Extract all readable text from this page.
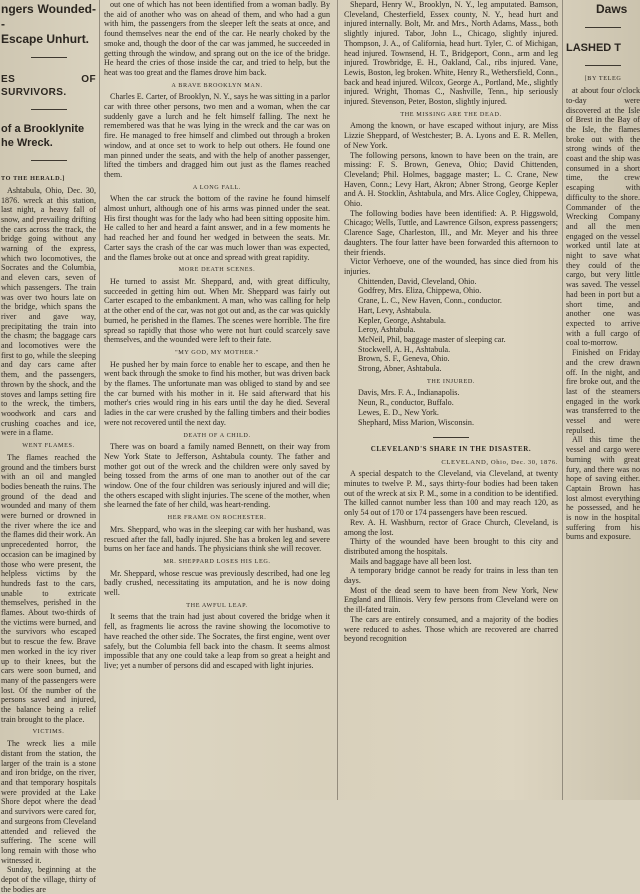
ngers Wounded--
Escape Unhurt.
ES OF SURVIVORS.
of a Brooklynite
he Wreck.
TO THE HERALD.]

Ashtabula, Ohio, Dec. 30, 1876. wreck at this station, last night, a heavy fall of snow, and prevailing drifting the cars across the track, the bridge going without any warning of the express, which two locomotives, the Socrates and the Columbia, and eleven cars, seven of which passengers. The train was over two hours late on the bridge, which spans the river and gave way, precipitating the train into the chasm; the baggage cars and locomotives were the first to go, while the sleeping and day cars came after them, and the passengers, thrown by the shock, and the stoves and lamps setting fire to the wreck, the timbers, woodwork and cars and crushing coaches and ice, were in a flame.

WENT FLAMES.

The flames reached the ground and the timbers burst with an oil and mangled bodies beneath the ruins. The ground of the dead and wounded and many of them were burned or drowned in the river where the ice and the flames did their work. An unprecedented horror, the occasion can be imagined by those who were present, the helpless victims by the hundreds fast to the cars, unable to extricate themselves, perished in the flames. About two-thirds of the victims were burned, and the survivors who escaped but to rescue the few. Brave men worked in the icy river up to their knees, but the cars were soon burned, and many of the passengers were lost. Of the number of the persons saved and injured, the balance being a relief train brought to the place.

VICTIMS.

The wreck lies a mile distant from the station, the larger of the train is a stone and iron bridge, on the river, and that temporary hospitals were provided at the Lake Shore depot where the dead and survivors were cared for, and surgeons from Cleveland attended and relieved the suffering. The scene will long remain with those who witnessed it.

Sunday, beginning at the depot of the village, thirty of the bodies are

out one of which has not been identified from a woman badly. By the aid of another who was on ahead of them, and who had a gun with him, the passengers from the sleeper left the seats at once, and found themselves near the end of the car. He nearly choked by the smoke and, though the door of the car was jammed, he succeeded in getting through the window, and sprang out on the ice of the bridge. He heard the cries of those inside the car, and tried to help, but the heat was too great and the flames drove him back.

A BRAVE BROOKLYN MAN.

Charles E. Carter, of Brooklyn, N. Y., says he was sitting in a parlor car with three other persons, two men and a woman, when the car suddenly gave a lurch and he felt himself falling. The next he remembered was that he was lying in the wreck and the car was on fire. He managed to free himself and climbed out through a broken window, and at once set to work to help out others. He found one man pinned under the seats, and with the help of another passenger, lifted the timbers and dragged him out just as the flames reached them.

A LONG FALL.

When the car struck the bottom of the ravine he found himself almost unhurt, although one of his arms was pinned under the seat. His first thought was for the lady who had been sitting opposite him. He called to her and heard a faint answer, and in a few moments he had reached her and found her wedged in between the seats. Mr. Carter says the crash of the car was much lower than was expected, and the flames broke out at once and spread with great rapidity.

MORE DEATH SCENES.

He turned to assist Mr. Sheppard, and, with great difficulty, succeeded in getting him out. When Mr. Sheppard was fairly out Carter escaped to the embankment. A man, who was calling for help at the other end of the car, was not got out and, as the car was quickly burned, he perished in the flames. The scenes were horrible. The fire spread so rapidly that those who were not hurt could scarcely save themselves, and the wounded were left to their fate.

"MY GOD, MY MOTHER."

He pushed her by main force to enable her to escape, and then he went back through the smoke to find his mother, but was driven back by the flames. The unfortunate man was obliged to stand by and see the car burned with his mother in it. He said afterward that his mother's cries would ring in his ears until the day he died. Several ladies in the car were crushed by the falling timbers and their bodies were not recovered until the next day.

DEATH OF A CHILD.

There was on board a family named Bennett, on their way from New York State to Jefferson, Ashtabula county. The father and mother got out of the wreck and the children were only saved by being tossed from the arms of one man to another out of the car window. One of the four children was seriously injured and will die; the others escaped with slight injuries. The scene of the mother, when she learned the fate of her child, was heart-rending.

HER FRAME ON ROCHESTER.

Mrs. Sheppard, who was in the sleeping car with her husband, was rescued after the fall, badly injured. She has a broken leg and severe burns on her face and hands. The physicians think she will recover.

MR. SHEPPARD LOSES HIS LEG.

Mr. Sheppard, whose rescue was previously described, had one leg badly crushed, necessitating its amputation, and he is now doing well.

THE AWFUL LEAP.

It seems that the train had just about covered the bridge when it fell, as fragments lie across the ravine showing the locomotive to have reached the other side. The Socrates, the first engine, went over safely, but the Columbia fell back into the chasm. It seems almost impossible that any one could take a leap from so great a height and live; yet a number of persons did and escaped with light injuries.

Shepard, Henry W., Brooklyn, N. Y., leg amputated. Bamson, Cleveland, Chesterfield, Essex county, N. Y., head hurt and injured internally. Bolt, Mr. and Mrs., North Adams, Mass., both slightly injured. Tabor, John L., Chicago, slightly injured. Thompson, J. A., of California, head hurt. Tyler, C. of Michigan, head injured. Townsend, H. T., Bridgeport, Conn., arm and leg injured. Trowbridge, E. H., Oakland, Cal., ribs injured. Vane, Lewis, Boston, leg broken. White, Henry R., Wethersfield, Conn., back and head injured. Wilcox, George A., Portland, Me., slightly injured. Wright, Thomas C., Nashville, Tenn., hip seriously injured. Stevenson, Peter, Boston, slightly injured.

THE MISSING ARE THE DEAD.

Among the known, or have escaped without injury, are Miss Lizzie Sheppard, of Westchester; B. A. Lyons and E. R. Mellen, of New York.

The following persons, known to have been on the train, are missing: F. S. Brown, Geneva, Ohio; David Chittenden, Cleveland; Phil. Holmes, baggage master; L. C. Crane, New Haven, Conn.; Levy Hart, Akron; Abner Strong, George Kepler and A. H. Stocklin, Ashtabula, and Mrs. Alice Cogley, Chippewa, Ohio.

The following bodies have been identified: A. P. Higgswold, Chicago; Wells, Tuttle, and Lawrence Gilson, express passengers; Clarence Sage, Charleston, Ill., and Mr. Meyer and his three daughters. The four latter have been forwarded this afternoon to their friends.

Victor Verhoeve, one of the wounded, has since died from his injuries.

Chittenden, David, Cleveland, Ohio.
Godfrey, Mrs. Eliza, Chippewa, Ohio.
Crane, L. C., New Haven, Conn., conductor.
Hart, Levy, Ashtabula.
Kepler, George, Ashtabula.
Leroy, Ashtabula.
McNeil, Phil, baggage master of sleeping car.
Stockwell, A. H., Ashtabula.
Brown, S. F., Geneva, Ohio.
Strong, Abner, Ashtabula.
THE INJURED.
Davis, Mrs. F. A., Indianapolis.
Neun, R., conductor, Buffalo.
Lewes, E. D., New York.
Shephard, Miss Marion, Wisconsin.
CLEVELAND'S SHARE IN THE DISASTER.
CLEVELAND, Ohio, Dec. 30, 1876.

A special despatch to the Cleveland, via Cleveland, at twenty minutes to twelve P. M., says thirty-four bodies had been taken out of the wreck at six P. M., some in a condition to be identified. The killed cannot number less than 100 and may reach 120, as only 54 out of 170 or 174 passengers have been rescued.

Rev. A. H. Washburn, rector of Grace Church, Cleveland, is among the lost.

Thirty of the wounded have been brought to this city and distributed among the hospitals.

Mails and baggage have all been lost.

A temporary bridge cannot be ready for trains in less than ten days.

Most of the dead seem to have been from New York, New England and Illinois. Very few persons from Cleveland were on the ill-fated train.

The cars are entirely consumed, and a majority of the bodies were reduced to ashes. Those which are recovered are charred beyond recognition

Daws
LASHED T
[BY TELEG

at about four o'clock to-day were discovered at the Isle of Brest in the Bay of the Isle, the flames broke out with the strong winds of the coast and the ship was consumed in a short time, the crew escaping with difficulty to the shore. Commander of the Wrecking Company and all the men engaged on the vessel worked until late at night to save what they could of the cargo, but very little was saved. The vessel had been in port but a short time, and another one was expected to arrive with a full cargo of coal to-morrow.

Finished on Friday and the crew drawn off. In the night, and fire broke out, and the last of the steamers engaged in the work was transferred to the vessel and were repulsed.

All this time the vessel and cargo were burning with great fury, and there was no hope of saving either. Captain Brown has lost almost everything he possessed, and he is now in the hospital suffering from his burns and exposure.
